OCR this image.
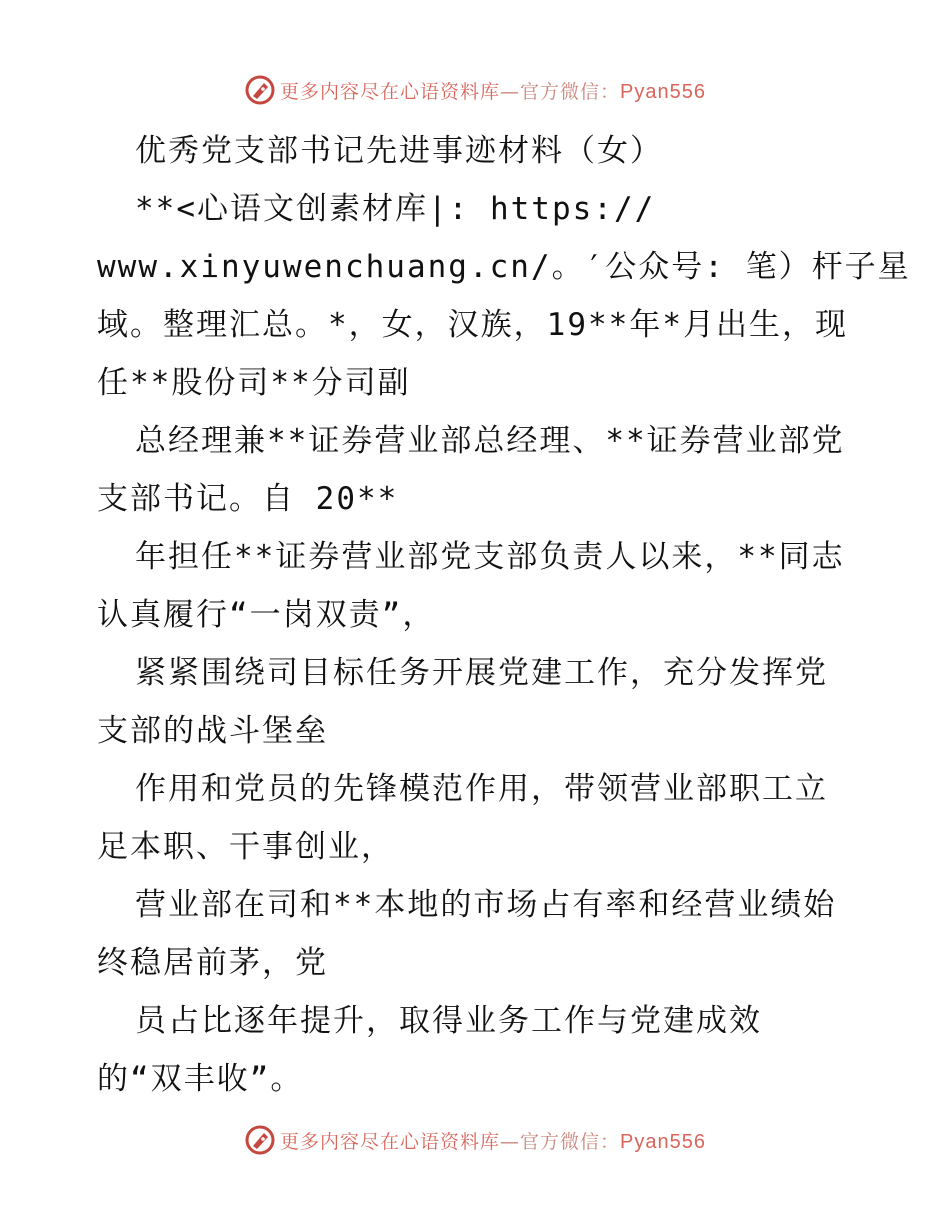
更多内容尽在心语资料库—官方微信：Pyan556
优秀党支部书记先进事迹材料（女）
**<心语文创素材库|: https://
www.xinyuwenchuang.cn/。′公众号: 笔）杆子星
域。整理汇总。*，女，汉族，19**年*月出生，现
任**股份司**分司副
总经理兼**证券营业部总经理、**证券营业部党
支部书记。自 20**
年担任**证券营业部党支部负责人以来，**同志
认真履行“一岗双责”，
紧紧围绕司目标任务开展党建工作，充分发挥党
支部的战斗堡垒
作用和党员的先锋模范作用，带领营业部职工立
足本职、干事创业，
营业部在司和**本地的市场占有率和经营业绩始
终稳居前茅，党
员占比逐年提升，取得业务工作与党建成效
的“双丰收”。
更多内容尽在心语资料库—官方微信：Pyan556
